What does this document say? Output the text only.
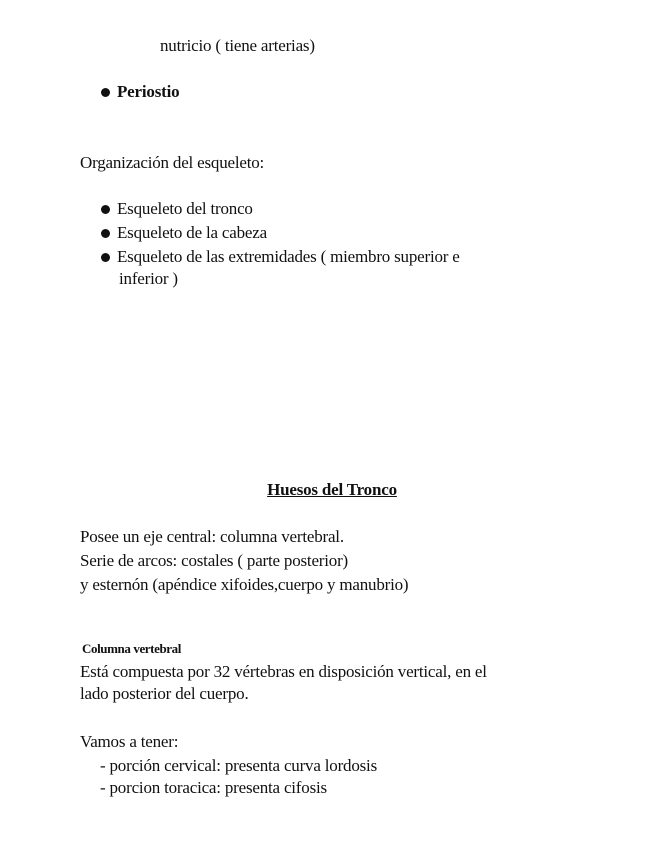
nutricio ( tiene arterias)
Periostio
Organización del esqueleto:
Esqueleto del tronco
Esqueleto de la cabeza
Esqueleto de las extremidades ( miembro superior e
inferior )
Huesos del Tronco
Posee un eje central: columna vertebral.
Serie de arcos: costales ( parte posterior)
y esternón (apéndice xifoides,cuerpo y manubrio)
Columna vertebral
Está compuesta por 32 vértebras en disposición vertical, en el
lado posterior del cuerpo.
Vamos a tener:
- porción cervical: presenta curva lordosis
- porcion toracica: presenta cifosis
